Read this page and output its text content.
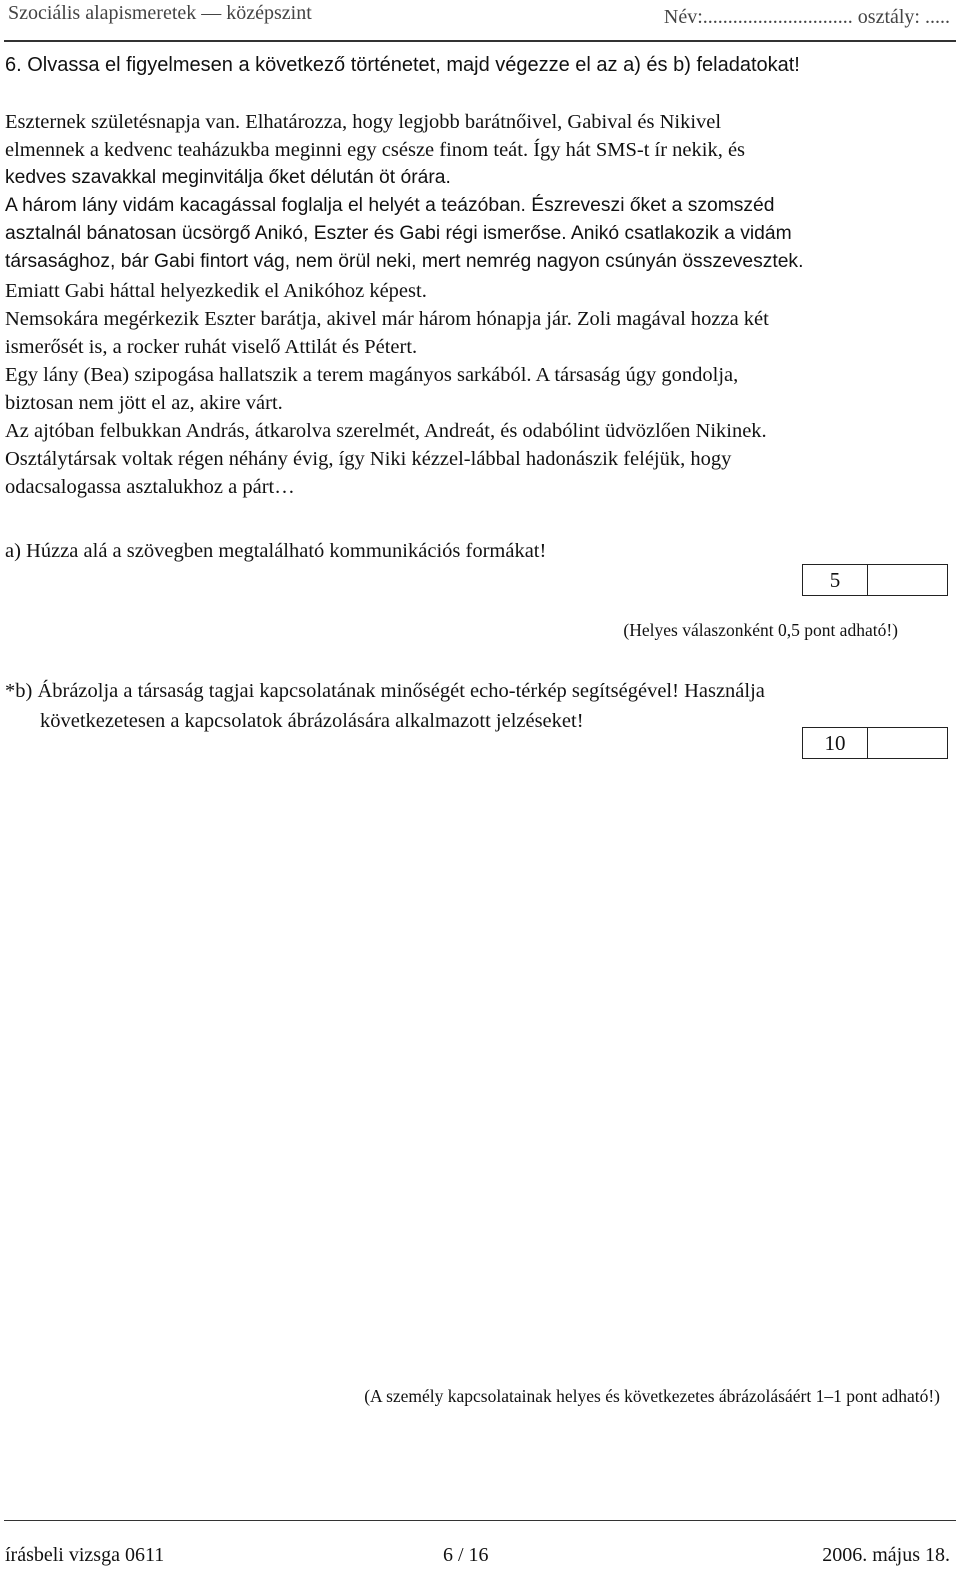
Szociális alapismeretek — középszint	Név:.............................. osztály: .....
6. Olvassa el figyelmesen a következő történetet, majd végezze el az a) és b) feladatokat!
Eszternek születésnapja van. Elhatározza, hogy legjobb barátnőivel, Gabival és Nikivel
elmennek a kedvenc teaházukba meginni egy csésze finom teát. Így hát SMS-t ír nekik, és
kedves szavakkal meginvitálja őket délután öt órára.
A három lány vidám kacagással foglalja el helyét a teázóban. Észreveszi őket a szomszéd
asztalnál bánatosan ücsörgő Anikó, Eszter és Gabi régi ismerőse. Anikó csatlakozik a vidám
társasághoz, bár Gabi fintort vág, nem örül neki, mert nemrég nagyon csúnyán összevesztek.
Emiatt Gabi háttal helyezkedik el Anikóhoz képest.
Nemsokára megérkezik Eszter barátja, akivel már három hónapja jár. Zoli magával hozza két
ismerősét is, a rocker ruhát viselő Attilát és Pétert.
Egy lány (Bea) szipogása hallatszik a terem magányos sarkából. A társaság úgy gondolja,
biztosan nem jött el az, akire várt.
Az ajtóban felbukkan András, átkarolva szerelmét, Andreát, és odabólint üdvözlően Nikinek.
Osztálytársak voltak régen néhány évig, így Niki kézzel-lábbal hadonászik feléjük, hogy
odacsalogassa asztalukhoz a párt…
a) Húzza alá a szövegben megtalálható kommunikációs formákat!
5
(Helyes válaszonként 0,5 pont adható!)
*b) Ábrázolja a társaság tagjai kapcsolatának minőségét echo-térkép segítségével! Használja
következetesen a kapcsolatok ábrázolására alkalmazott jelzéseket!
10
(A személy kapcsolatainak helyes és következetes ábrázolásáért 1–1 pont adható!)
írásbeli vizsga 0611	6 / 16	2006. május 18.
